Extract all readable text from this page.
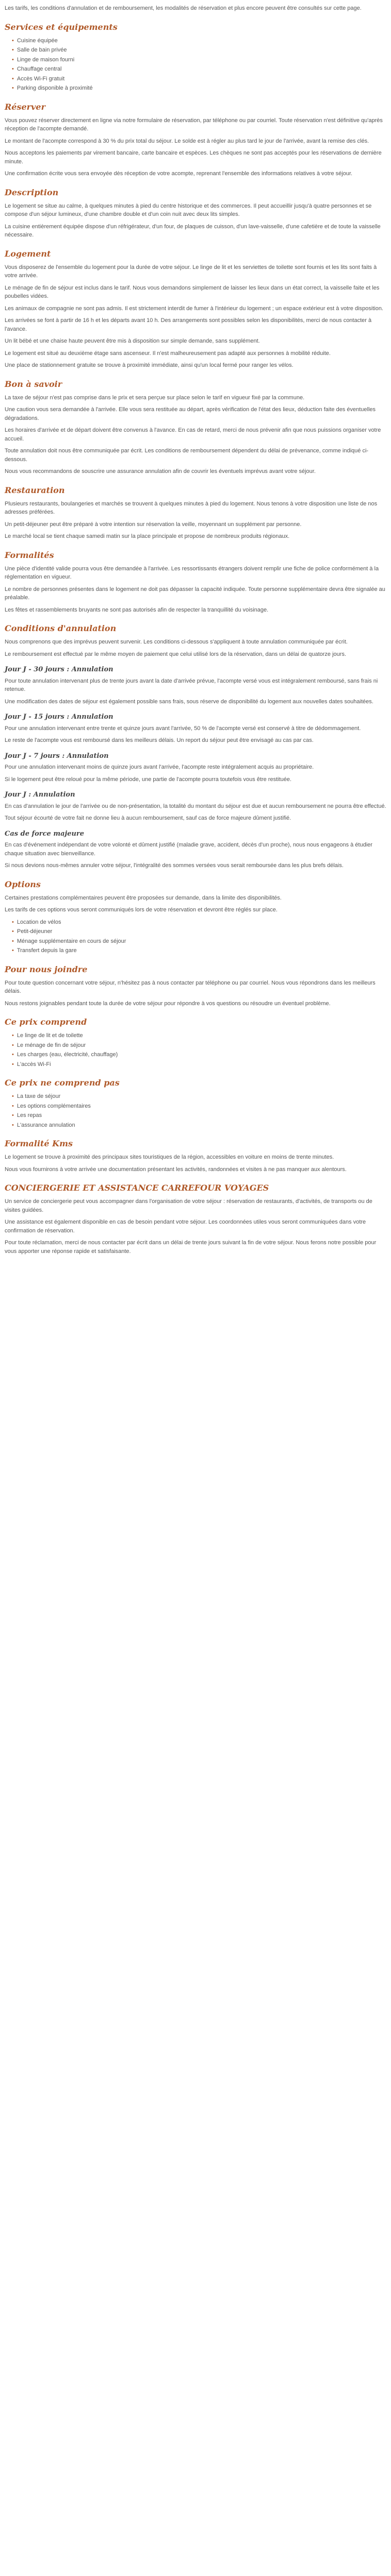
Les tarifs, les conditions d'annulation et de remboursement, les modalités de réservation et plus encore peuvent être consultés sur cette page.

Services et équipements
• Cuisine équipée
• Salle de bain privée
• Linge de maison fourni
• Chauffage central
• Accès Wi-Fi gratuit
• Parking disponible à proximité
Réserver

Vous pouvez réserver directement en ligne via notre formulaire de réservation, par téléphone ou par courriel. Toute réservation n'est définitive qu'après réception de l'acompte demandé.

Le montant de l'acompte correspond à 30 % du prix total du séjour. Le solde est à régler au plus tard le jour de l'arrivée, avant la remise des clés.

Nous acceptons les paiements par virement bancaire, carte bancaire et espèces. Les chèques ne sont pas acceptés pour les réservations de dernière minute.

Une confirmation écrite vous sera envoyée dès réception de votre acompte, reprenant l'ensemble des informations relatives à votre séjour.

Description

Le logement se situe au calme, à quelques minutes à pied du centre historique et des commerces. Il peut accueillir jusqu'à quatre personnes et se compose d'un séjour lumineux, d'une chambre double et d'un coin nuit avec deux lits simples.

La cuisine entièrement équipée dispose d'un réfrigérateur, d'un four, de plaques de cuisson, d'un lave-vaisselle, d'une cafetière et de toute la vaisselle nécessaire.

Logement

Vous disposerez de l'ensemble du logement pour la durée de votre séjour. Le linge de lit et les serviettes de toilette sont fournis et les lits sont faits à votre arrivée.

Le ménage de fin de séjour est inclus dans le tarif. Nous vous demandons simplement de laisser les lieux dans un état correct, la vaisselle faite et les poubelles vidées.

Les animaux de compagnie ne sont pas admis. Il est strictement interdit de fumer à l'intérieur du logement ; un espace extérieur est à votre disposition.

Les arrivées se font à partir de 16 h et les départs avant 10 h. Des arrangements sont possibles selon les disponibilités, merci de nous contacter à l'avance.

Un lit bébé et une chaise haute peuvent être mis à disposition sur simple demande, sans supplément.

Le logement est situé au deuxième étage sans ascenseur. Il n'est malheureusement pas adapté aux personnes à mobilité réduite.

Une place de stationnement gratuite se trouve à proximité immédiate, ainsi qu'un local fermé pour ranger les vélos.

Bon à savoir

La taxe de séjour n'est pas comprise dans le prix et sera perçue sur place selon le tarif en vigueur fixé par la commune.

Une caution vous sera demandée à l'arrivée. Elle vous sera restituée au départ, après vérification de l'état des lieux, déduction faite des éventuelles dégradations.

Les horaires d'arrivée et de départ doivent être convenus à l'avance. En cas de retard, merci de nous prévenir afin que nous puissions organiser votre accueil.

Toute annulation doit nous être communiquée par écrit. Les conditions de remboursement dépendent du délai de prévenance, comme indiqué ci-dessous.

Nous vous recommandons de souscrire une assurance annulation afin de couvrir les éventuels imprévus avant votre séjour.

Restauration

Plusieurs restaurants, boulangeries et marchés se trouvent à quelques minutes à pied du logement. Nous tenons à votre disposition une liste de nos adresses préférées.

Un petit-déjeuner peut être préparé à votre intention sur réservation la veille, moyennant un supplément par personne.

Le marché local se tient chaque samedi matin sur la place principale et propose de nombreux produits régionaux.

Formalités

Une pièce d'identité valide pourra vous être demandée à l'arrivée. Les ressortissants étrangers doivent remplir une fiche de police conformément à la réglementation en vigueur.

Le nombre de personnes présentes dans le logement ne doit pas dépasser la capacité indiquée. Toute personne supplémentaire devra être signalée au préalable.

Les fêtes et rassemblements bruyants ne sont pas autorisés afin de respecter la tranquillité du voisinage.

Conditions d'annulation

Nous comprenons que des imprévus peuvent survenir. Les conditions ci-dessous s'appliquent à toute annulation communiquée par écrit.

Le remboursement est effectué par le même moyen de paiement que celui utilisé lors de la réservation, dans un délai de quatorze jours.

Jour J - 30 jours : Annulation

Pour toute annulation intervenant plus de trente jours avant la date d'arrivée prévue, l'acompte versé vous est intégralement remboursé, sans frais ni retenue.

Une modification des dates de séjour est également possible sans frais, sous réserve de disponibilité du logement aux nouvelles dates souhaitées.

Jour J - 15 jours : Annulation

Pour une annulation intervenant entre trente et quinze jours avant l'arrivée, 50 % de l'acompte versé est conservé à titre de dédommagement.

Le reste de l'acompte vous est remboursé dans les meilleurs délais. Un report du séjour peut être envisagé au cas par cas.

Jour J - 7 jours : Annulation

Pour une annulation intervenant moins de quinze jours avant l'arrivée, l'acompte reste intégralement acquis au propriétaire.

Si le logement peut être reloué pour la même période, une partie de l'acompte pourra toutefois vous être restituée.

Jour J : Annulation

En cas d'annulation le jour de l'arrivée ou de non-présentation, la totalité du montant du séjour est due et aucun remboursement ne pourra être effectué.

Tout séjour écourté de votre fait ne donne lieu à aucun remboursement, sauf cas de force majeure dûment justifié.

Cas de force majeure

En cas d'événement indépendant de votre volonté et dûment justifié (maladie grave, accident, décès d'un proche), nous nous engageons à étudier chaque situation avec bienveillance.

Si nous devions nous-mêmes annuler votre séjour, l'intégralité des sommes versées vous serait remboursée dans les plus brefs délais.

Options

Certaines prestations complémentaires peuvent être proposées sur demande, dans la limite des disponibilités.

Les tarifs de ces options vous seront communiqués lors de votre réservation et devront être réglés sur place.

• Location de vélos
• Petit-déjeuner
• Ménage supplémentaire en cours de séjour
• Transfert depuis la gare
Pour nous joindre

Pour toute question concernant votre séjour, n'hésitez pas à nous contacter par téléphone ou par courriel. Nous vous répondrons dans les meilleurs délais.

Nous restons joignables pendant toute la durée de votre séjour pour répondre à vos questions ou résoudre un éventuel problème.

Ce prix comprend
• Le linge de lit et de toilette
• Le ménage de fin de séjour
• Les charges (eau, électricité, chauffage)
• L'accès Wi-Fi
Ce prix ne comprend pas
• La taxe de séjour
• Les options complémentaires
• Les repas
• L'assurance annulation
Formalité Kms

Le logement se trouve à proximité des principaux sites touristiques de la région, accessibles en voiture en moins de trente minutes.

Nous vous fournirons à votre arrivée une documentation présentant les activités, randonnées et visites à ne pas manquer aux alentours.

CONCIERGERIE ET ASSISTANCE CARREFOUR VOYAGES

Un service de conciergerie peut vous accompagner dans l'organisation de votre séjour : réservation de restaurants, d'activités, de transports ou de visites guidées.

Une assistance est également disponible en cas de besoin pendant votre séjour. Les coordonnées utiles vous seront communiquées dans votre confirmation de réservation.

Pour toute réclamation, merci de nous contacter par écrit dans un délai de trente jours suivant la fin de votre séjour. Nous ferons notre possible pour vous apporter une réponse rapide et satisfaisante.
